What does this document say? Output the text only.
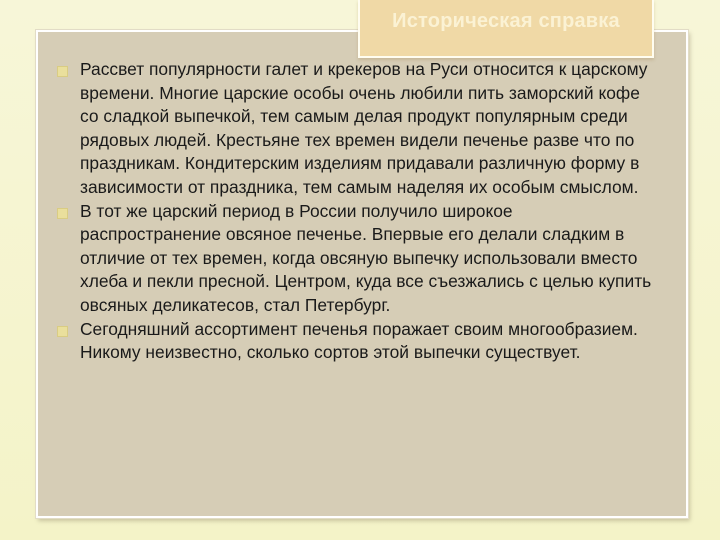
Историческая справка
Рассвет популярности галет и крекеров на Руси относится к царскому времени. Многие царские особы очень любили пить заморский кофе со сладкой выпечкой, тем самым делая продукт популярным среди рядовых людей. Крестьяне тех времен видели печенье разве что по праздникам. Кондитерским изделиям придавали различную форму в зависимости от праздника, тем самым наделяя их особым смыслом.
В тот же царский период в России получило широкое распространение овсяное печенье. Впервые его делали сладким в отличие от тех времен, когда овсяную выпечку использовали вместо хлеба и пекли пресной. Центром, куда все съезжались с целью купить овсяных деликатесов, стал Петербург.
Сегодняшний ассортимент печенья поражает своим многообразием. Никому неизвестно, сколько сортов этой выпечки существует.
